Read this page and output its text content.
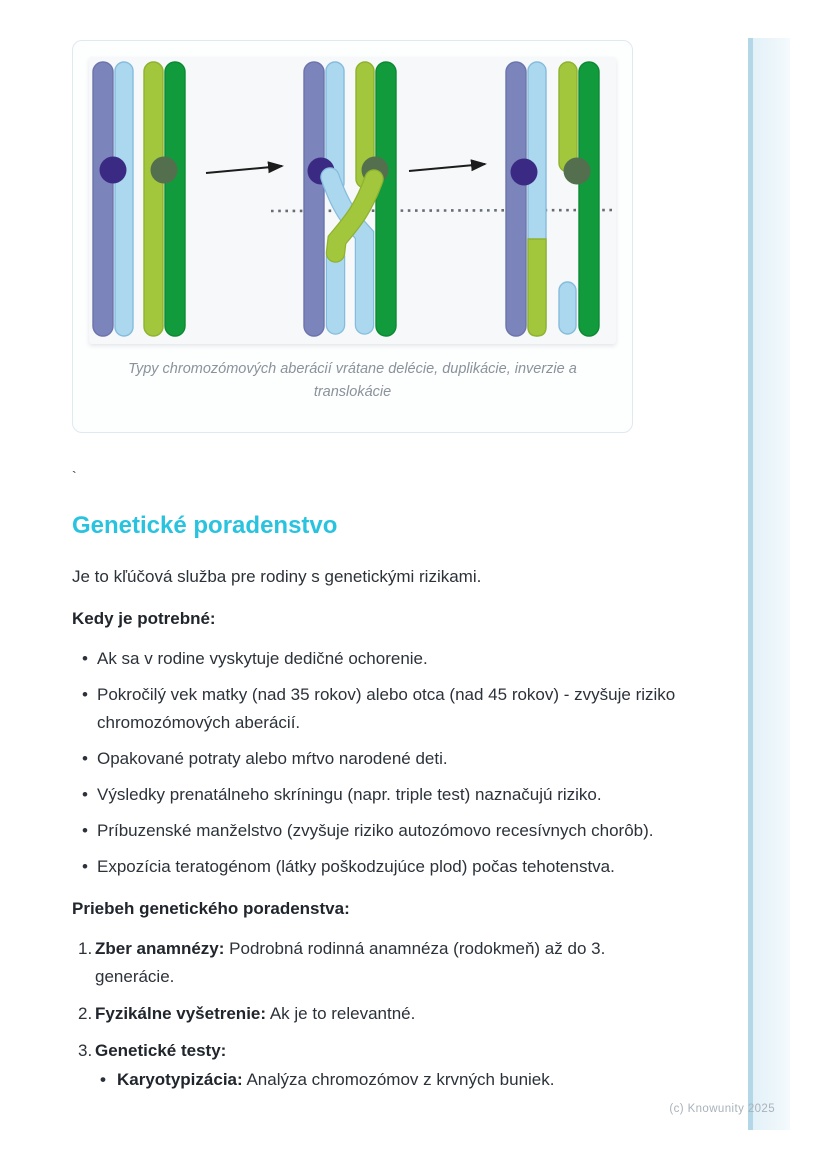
Typy chromozómových aberácií vrátane delécie, duplikácie, inverzie a translokácie
`
Genetické poradenstvo

Je to kľúčová služba pre rodiny s genetickými rizikami.

Kedy je potrebné:

• Ak sa v rodine vyskytuje dedičné ochorenie.
• Pokročilý vek matky (nad 35 rokov) alebo otca (nad 45 rokov) - zvyšuje riziko chromozómových aberácií.
• Opakované potraty alebo mŕtvo narodené deti.
• Výsledky prenatálneho skríningu (napr. triple test) naznačujú riziko.
• Príbuzenské manželstvo (zvyšuje riziko autozómovo recesívnych chorôb).
• Expozícia teratogénom (látky poškodzujúce plod) počas tehotenstva.

Priebeh genetického poradenstva:

1. Zber anamnézy: Podrobná rodinná anamnéza (rodokmeň) až do 3. generácie.
2. Fyzikálne vyšetrenie: Ak je to relevantné.
3. Genetické testy:
• Karyotypizácia: Analýza chromozómov z krvných buniek.
(c) Knowunity 2025
